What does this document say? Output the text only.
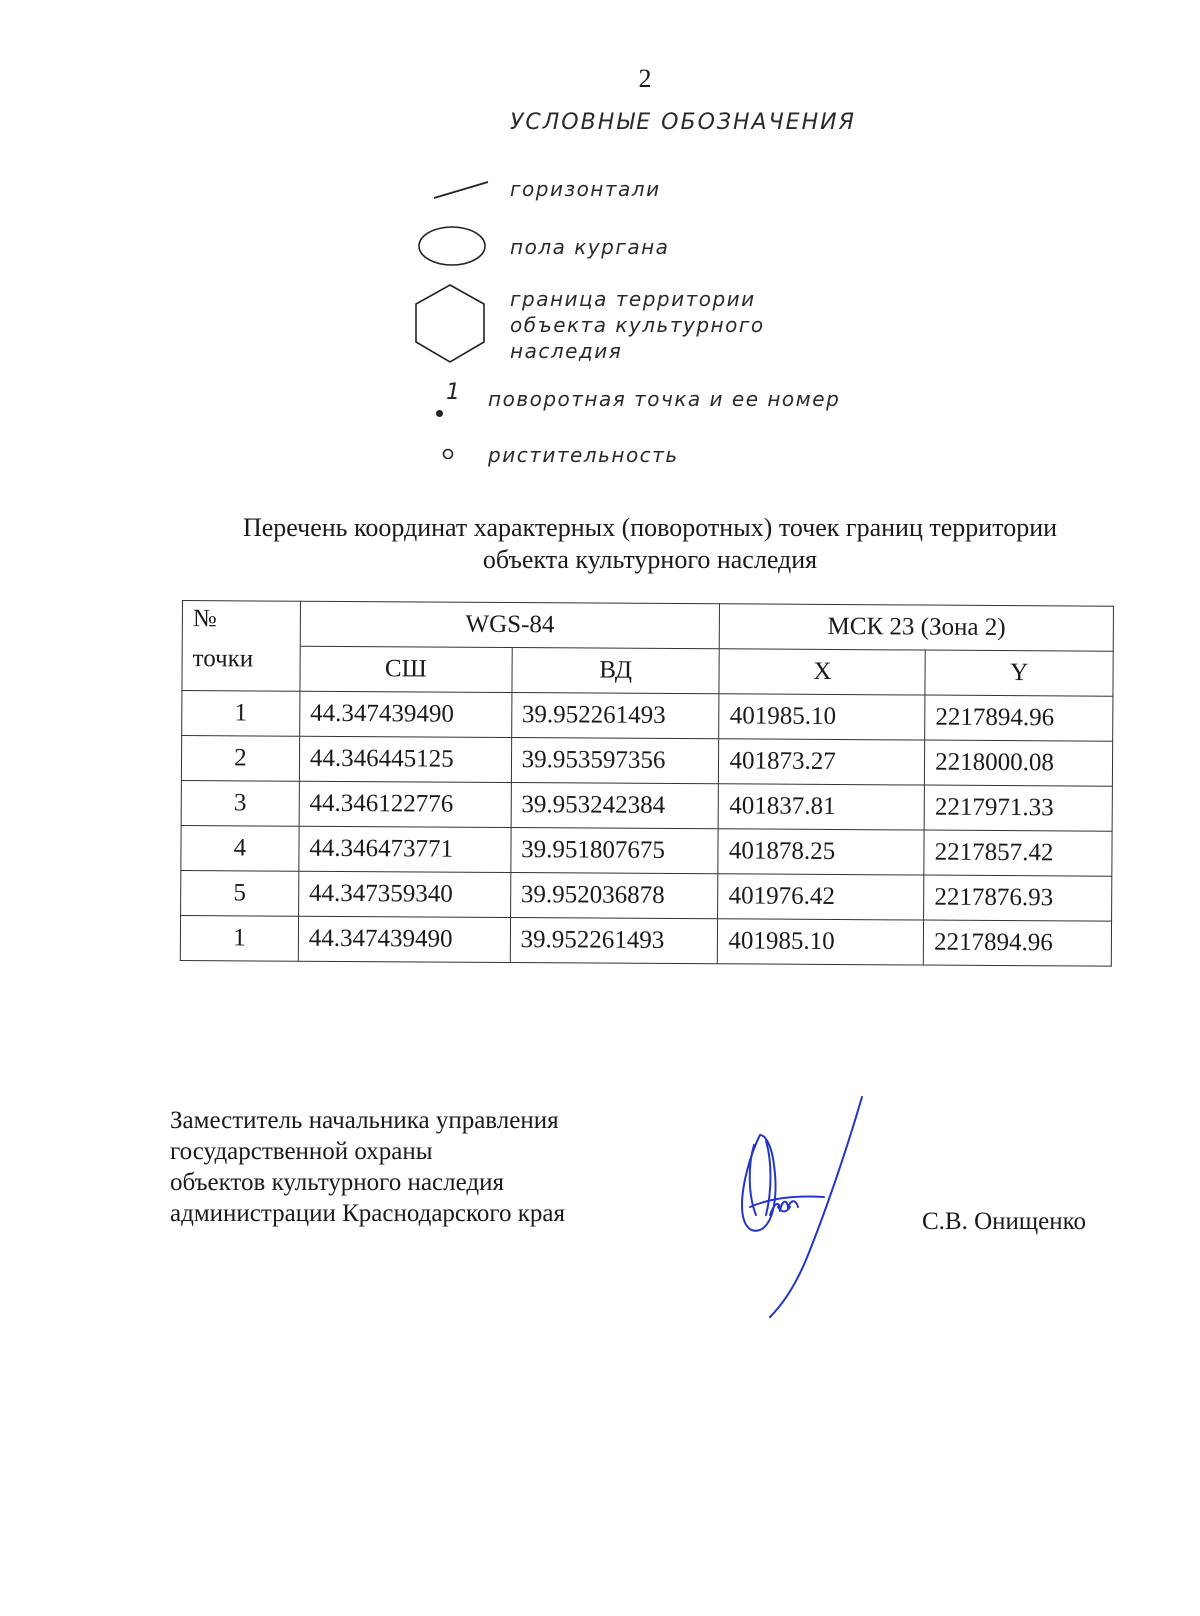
2
УСЛОВНЫЕ ОБОЗНАЧЕНИЯ
горизонтали
пола кургана
граница территории
объекта культурного
наследия
1 поворотная точка и ее номер
ристительность
Перечень координат характерных (поворотных) точек границ территории
объекта культурного наследия
№
точки	WGS-84		МСК 23 (Зона 2)	
	СШ	ВД	X	Y
1	44.347439490	39.952261493	401985.10	2217894.96
2	44.346445125	39.953597356	401873.27	2218000.08
3	44.346122776	39.953242384	401837.81	2217971.33
4	44.346473771	39.951807675	401878.25	2217857.42
5	44.347359340	39.952036878	401976.42	2217876.93
1	44.347439490	39.952261493	401985.10	2217894.96
Заместитель начальника управления
государственной охраны
объектов культурного наследия
администрации Краснодарского края	С.В. Онищенко
